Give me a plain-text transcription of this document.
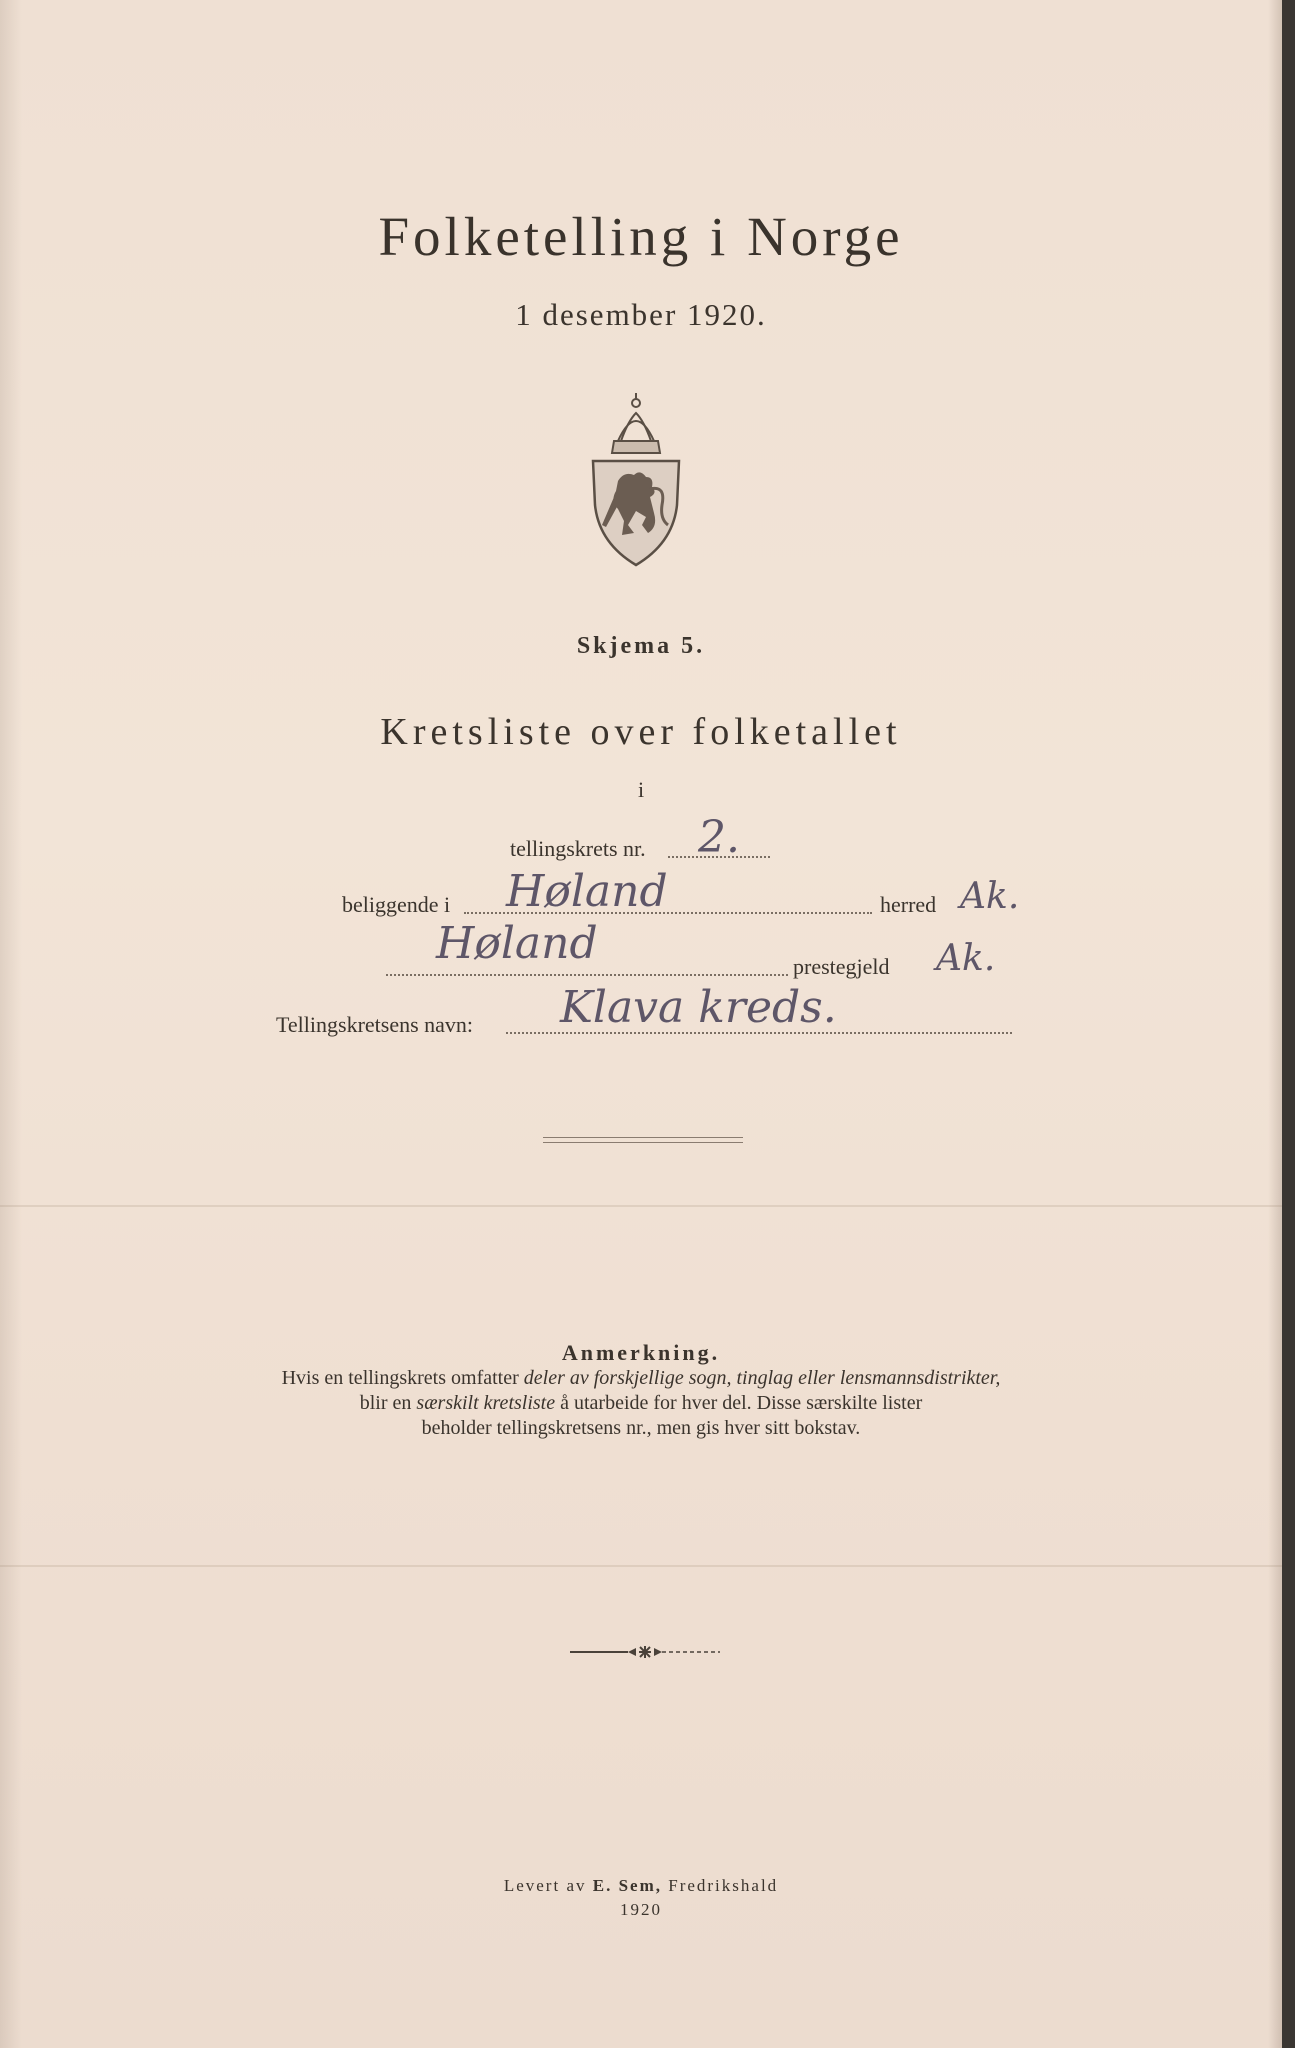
Folketelling i Norge
1 desember 1920.
Skjema 5.
Kretsliste over folketallet
i
tellingskrets nr. 2.
beliggende i Høland	herred Ak.
Høland	prestegjeld Ak.
Tellingskretsens navn: Klava kreds.
Anmerkning.
Hvis en tellingskrets omfatter deler av forskjellige sogn, tinglag eller lensmannsdistrikter,
blir en særskilt kretsliste å utarbeide for hver del. Disse særskilte lister
beholder tellingskretsens nr., men gis hver sitt bokstav.
Levert av E. Sem, Fredrikshald
1920
